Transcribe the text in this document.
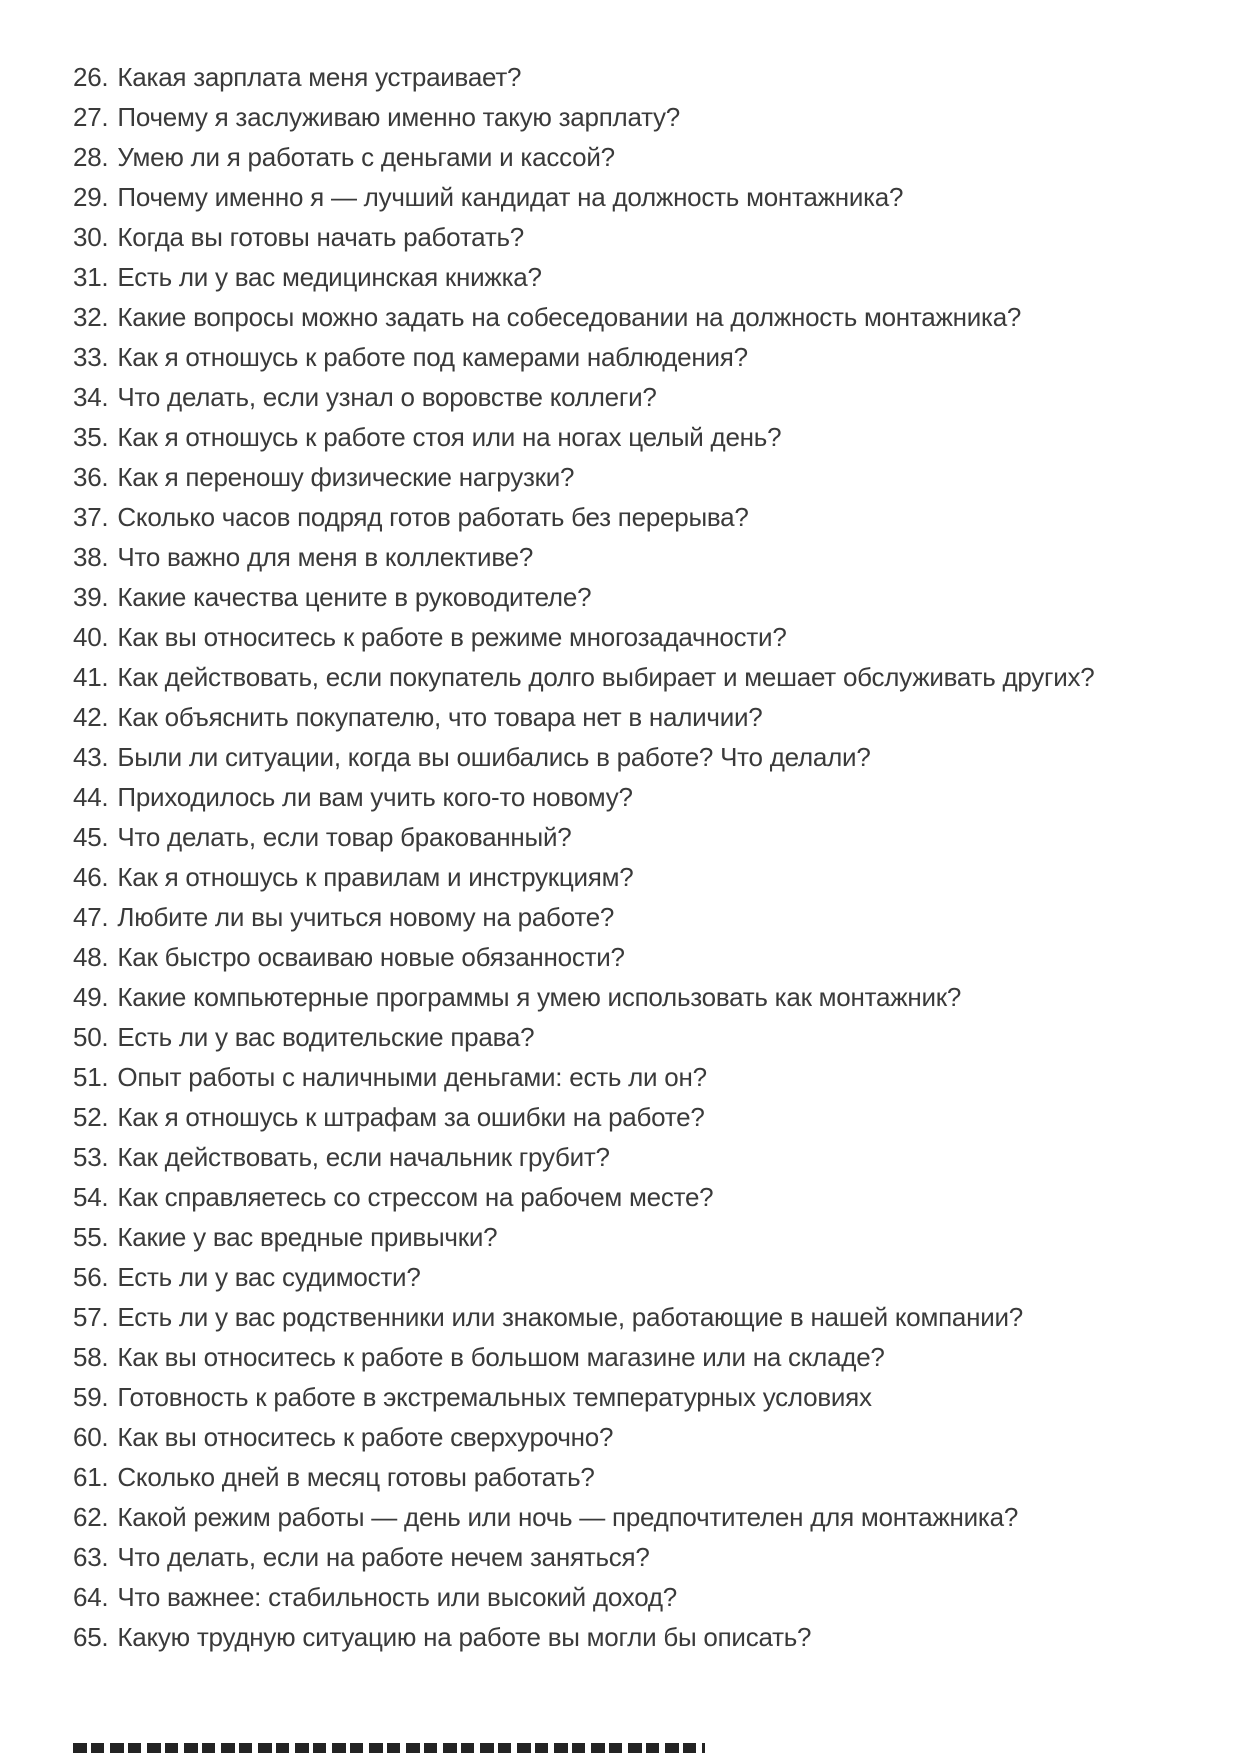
26. Какая зарплата меня устраивает?
27. Почему я заслуживаю именно такую зарплату?
28. Умею ли я работать с деньгами и кассой?
29. Почему именно я — лучший кандидат на должность монтажника?
30. Когда вы готовы начать работать?
31. Есть ли у вас медицинская книжка?
32. Какие вопросы можно задать на собеседовании на должность монтажника?
33. Как я отношусь к работе под камерами наблюдения?
34. Что делать, если узнал о воровстве коллеги?
35. Как я отношусь к работе стоя или на ногах целый день?
36. Как я переношу физические нагрузки?
37. Сколько часов подряд готов работать без перерыва?
38. Что важно для меня в коллективе?
39. Какие качества цените в руководителе?
40. Как вы относитесь к работе в режиме многозадачности?
41. Как действовать, если покупатель долго выбирает и мешает обслуживать других?
42. Как объяснить покупателю, что товара нет в наличии?
43. Были ли ситуации, когда вы ошибались в работе? Что делали?
44. Приходилось ли вам учить кого-то новому?
45. Что делать, если товар бракованный?
46. Как я отношусь к правилам и инструкциям?
47. Любите ли вы учиться новому на работе?
48. Как быстро осваиваю новые обязанности?
49. Какие компьютерные программы я умею использовать как монтажник?
50. Есть ли у вас водительские права?
51. Опыт работы с наличными деньгами: есть ли он?
52. Как я отношусь к штрафам за ошибки на работе?
53. Как действовать, если начальник грубит?
54. Как справляетесь со стрессом на рабочем месте?
55. Какие у вас вредные привычки?
56. Есть ли у вас судимости?
57. Есть ли у вас родственники или знакомые, работающие в нашей компании?
58. Как вы относитесь к работе в большом магазине или на складе?
59. Готовность к работе в экстремальных температурных условиях
60. Как вы относитесь к работе сверхурочно?
61. Сколько дней в месяц готовы работать?
62. Какой режим работы — день или ночь — предпочтителен для монтажника?
63. Что делать, если на работе нечем заняться?
64. Что важнее: стабильность или высокий доход?
65. Какую трудную ситуацию на работе вы могли бы описать?
